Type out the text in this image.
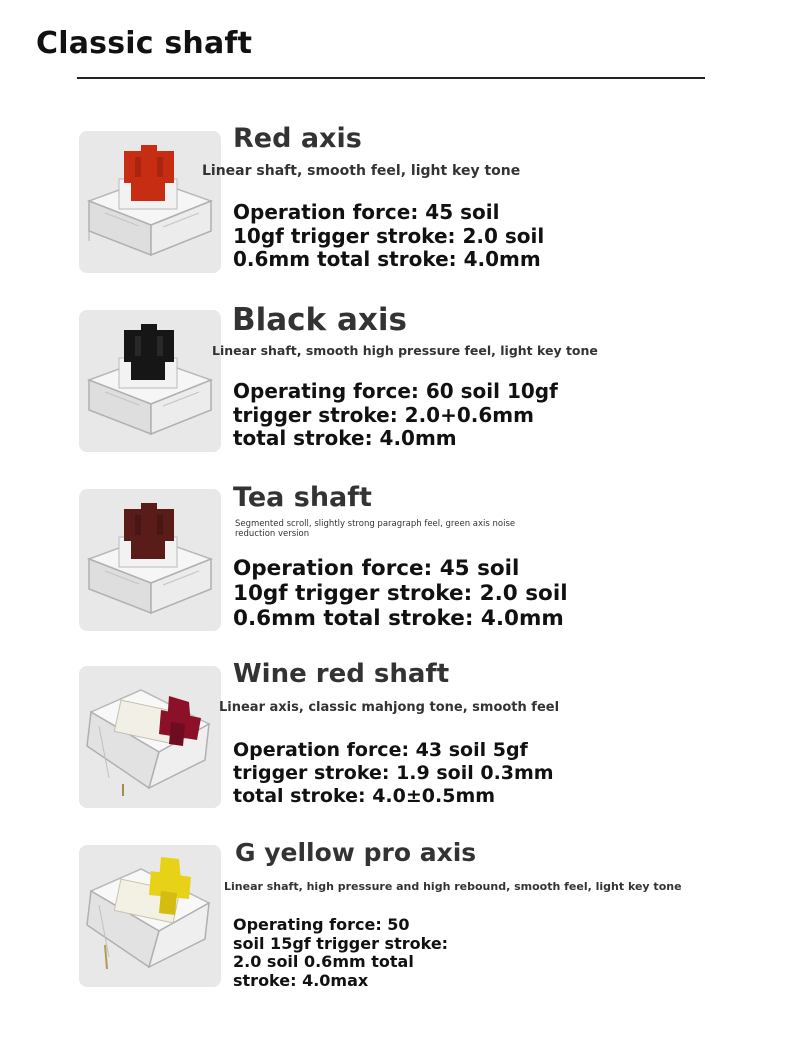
Classic shaft
Red axis

Linear shaft, smooth feel, light key tone

Operation force: 45 soil
10gf trigger stroke: 2.0 soil
0.6mm total stroke: 4.0mm
Black axis

Linear shaft, smooth high pressure feel, light key tone

Operating force: 60 soil 10gf
trigger stroke: 2.0+0.6mm
total stroke: 4.0mm
Tea shaft

Segmented scroll, slightly strong paragraph feel, green axis noise reduction version

Operation force: 45 soil
10gf trigger stroke: 2.0 soil
0.6mm total stroke: 4.0mm
Wine red shaft

Linear axis, classic mahjong tone, smooth feel

Operation force: 43 soil 5gf
trigger stroke: 1.9 soil 0.3mm
total stroke: 4.0±0.5mm
G yellow pro axis

Linear shaft, high pressure and high rebound, smooth feel, light key tone

Operating force: 50
soil 15gf trigger stroke:
2.0 soil 0.6mm total
stroke: 4.0max
